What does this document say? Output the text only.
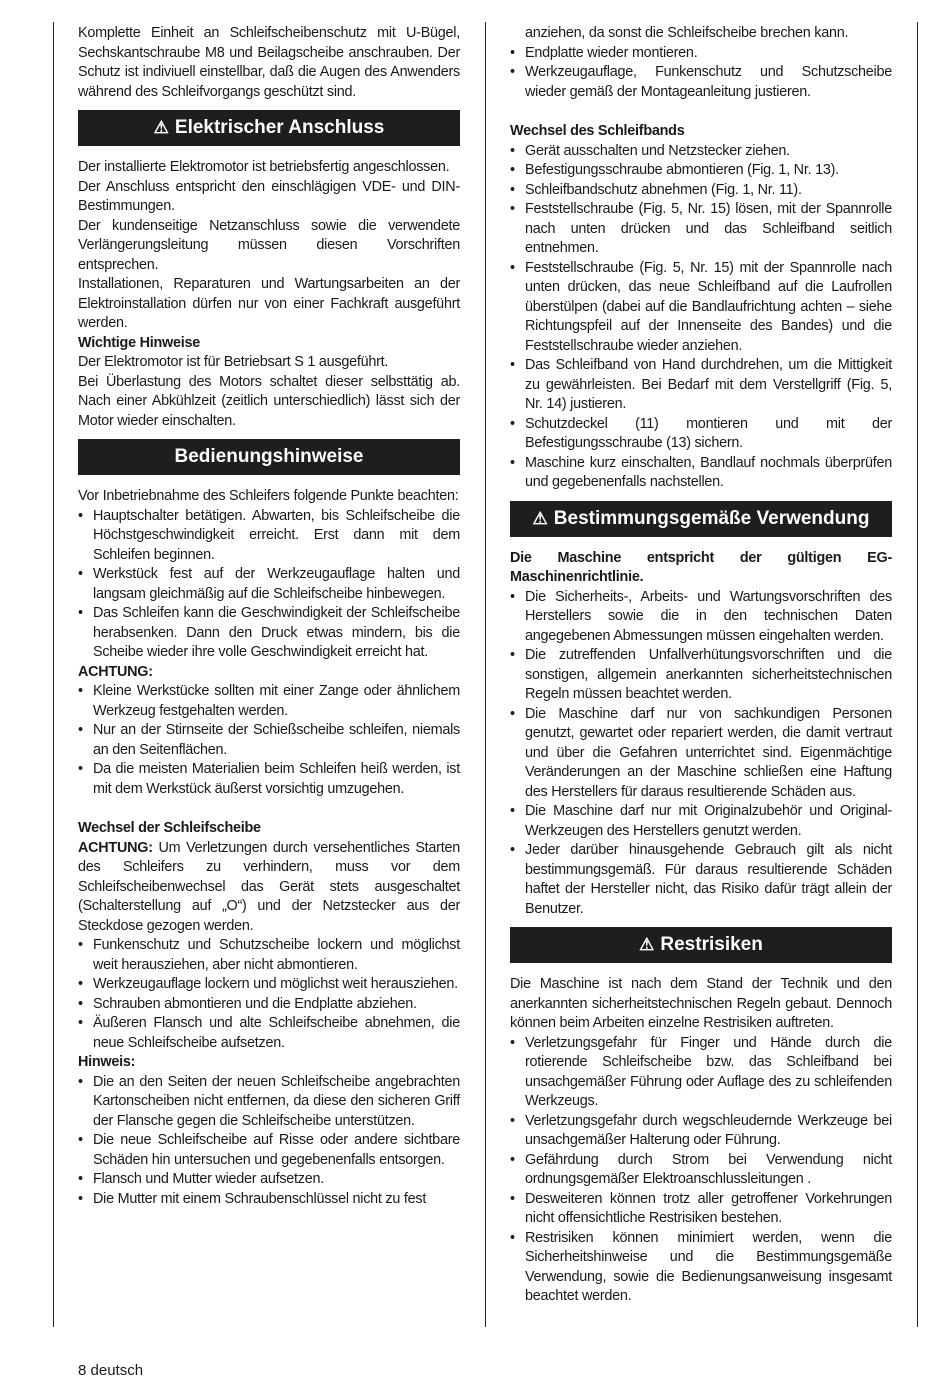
Komplette Einheit an Schleifscheibenschutz mit U-Bügel, Sechskantschraube M8 und Beilagscheibe anschrauben. Der Schutz ist indiviuell einstellbar, daß die Augen des Anwenders während des Schleifvorgangs geschützt sind.

⚠ Elektrischer Anschluss

Der installierte Elektromotor ist betriebsfertig angeschlossen.

Der Anschluss entspricht den einschlägigen VDE- und DIN-Bestimmungen.

Der kundenseitige Netzanschluss sowie die verwendete Verlängerungsleitung müssen diesen Vorschriften entsprechen.

Installationen, Reparaturen und Wartungsarbeiten an der Elektroinstallation dürfen nur von einer Fachkraft ausgeführt werden.

Wichtige Hinweise

Der Elektromotor ist für Betriebsart S 1 ausgeführt.

Bei Überlastung des Motors schaltet dieser selbsttätig ab. Nach einer Abkühlzeit (zeitlich unterschiedlich) lässt sich der Motor wieder einschalten.

Bedienungshinweise

Vor Inbetriebnahme des Schleifers folgende Punkte beachten:

• Hauptschalter betätigen. Abwarten, bis Schleifscheibe die Höchstgeschwindigkeit erreicht. Erst dann mit dem Schleifen beginnen.
• Werkstück fest auf der Werkzeugauflage halten und langsam gleichmäßig auf die Schleifscheibe hinbewegen.
• Das Schleifen kann die Geschwindigkeit der Schleifscheibe herabsenken. Dann den Druck etwas mindern, bis die Scheibe wieder ihre volle Geschwindigkeit erreicht hat.

ACHTUNG:

• Kleine Werkstücke sollten mit einer Zange oder ähnlichem Werkzeug festgehalten werden.
• Nur an der Stirnseite der Schießscheibe schleifen, niemals an den Seitenflächen.
• Da die meisten Materialien beim Schleifen heiß werden, ist mit dem Werkstück äußerst vorsichtig umzugehen.

Wechsel der Schleifscheibe

ACHTUNG: Um Verletzungen durch versehentliches Starten des Schleifers zu verhindern, muss vor dem Schleifscheibenwechsel das Gerät stets ausgeschaltet (Schalterstellung auf „O“) und der Netzstecker aus der Steckdose gezogen werden.

• Funkenschutz und Schutzscheibe lockern und möglichst weit herausziehen, aber nicht abmontieren.
• Werkzeugauflage lockern und möglichst weit herausziehen.
• Schrauben abmontieren und die Endplatte abziehen.
• Äußeren Flansch und alte Schleifscheibe abnehmen, die neue Schleifscheibe aufsetzen.

Hinweis:

• Die an den Seiten der neuen Schleifscheibe angebrachten Kartonscheiben nicht entfernen, da diese den sicheren Griff der Flansche gegen die Schleifscheibe unterstützen.
• Die neue Schleifscheibe auf Risse oder andere sichtbare Schäden hin untersuchen und gegebenenfalls entsorgen.
• Flansch und Mutter wieder aufsetzen.
• Die Mutter mit einem Schraubenschlüssel nicht zu fest

anziehen, da sonst die Schleifscheibe brechen kann.

• Endplatte wieder montieren.
• Werkzeugauflage, Funkenschutz und Schutzscheibe wieder gemäß der Montageanleitung justieren.

Wechsel des Schleifbands

• Gerät ausschalten und Netzstecker ziehen.
• Befestigungsschraube abmontieren (Fig. 1, Nr. 13).
• Schleifbandschutz abnehmen (Fig. 1, Nr. 11).
• Feststellschraube (Fig. 5, Nr. 15) lösen, mit der Spannrolle nach unten drücken und das Schleifband seitlich entnehmen.
• Feststellschraube (Fig. 5, Nr. 15) mit der Spannrolle nach unten drücken, das neue Schleifband auf die Laufrollen überstülpen (dabei auf die Bandlaufrichtung achten – siehe Richtungspfeil auf der Innenseite des Bandes) und die Feststellschraube wieder anziehen.
• Das Schleifband von Hand durchdrehen, um die Mittigkeit zu gewährleisten. Bei Bedarf mit dem Verstellgriff (Fig. 5, Nr. 14) justieren.
• Schutzdeckel (11) montieren und mit der Befestigungsschraube (13) sichern.
• Maschine kurz einschalten, Bandlauf nochmals überprüfen und gegebenenfalls nachstellen.
⚠ Bestimmungsgemäße Verwendung

Die Maschine entspricht der gültigen EG-Maschinenrichtlinie.

• Die Sicherheits-, Arbeits- und Wartungsvorschriften des Herstellers sowie die in den technischen Daten angegebenen Abmessungen müssen eingehalten werden.
• Die zutreffenden Unfallverhütungsvorschriften und die sonstigen, allgemein anerkannten sicherheitstechnischen Regeln müssen beachtet werden.
• Die Maschine darf nur von sachkundigen Personen genutzt, gewartet oder repariert werden, die damit vertraut und über die Gefahren unterrichtet sind. Eigenmächtige Veränderungen an der Maschine schließen eine Haftung des Herstellers für daraus resultierende Schäden aus.
• Die Maschine darf nur mit Originalzubehör und Original-Werkzeugen des Herstellers genutzt werden.
• Jeder darüber hinausgehende Gebrauch gilt als nicht bestimmungsgemäß. Für daraus resultierende Schäden haftet der Hersteller nicht, das Risiko dafür trägt allein der Benutzer.
⚠ Restrisiken

Die Maschine ist nach dem Stand der Technik und den anerkannten sicherheitstechnischen Regeln gebaut. Dennoch können beim Arbeiten einzelne Restrisiken auftreten.

• Verletzungsgefahr für Finger und Hände durch die rotierende Schleifscheibe bzw. das Schleifband bei unsachgemäßer Führung oder Auflage des zu schleifenden Werkzeugs.
• Verletzungsgefahr durch wegschleudernde Werkzeuge bei unsachgemäßer Halterung oder Führung.
• Gefährdung durch Strom bei Verwendung nicht ordnungsgemäßer Elektroanschlussleitungen .
• Desweiteren können trotz aller getroffener Vorkehrungen nicht offensichtliche Restrisiken bestehen.
• Restrisiken können minimiert werden, wenn die Sicherheitshinweise und die Bestimmungsgemäße Verwendung, sowie die Bedienungsanweisung insgesamt beachtet werden.
8 deutsch
